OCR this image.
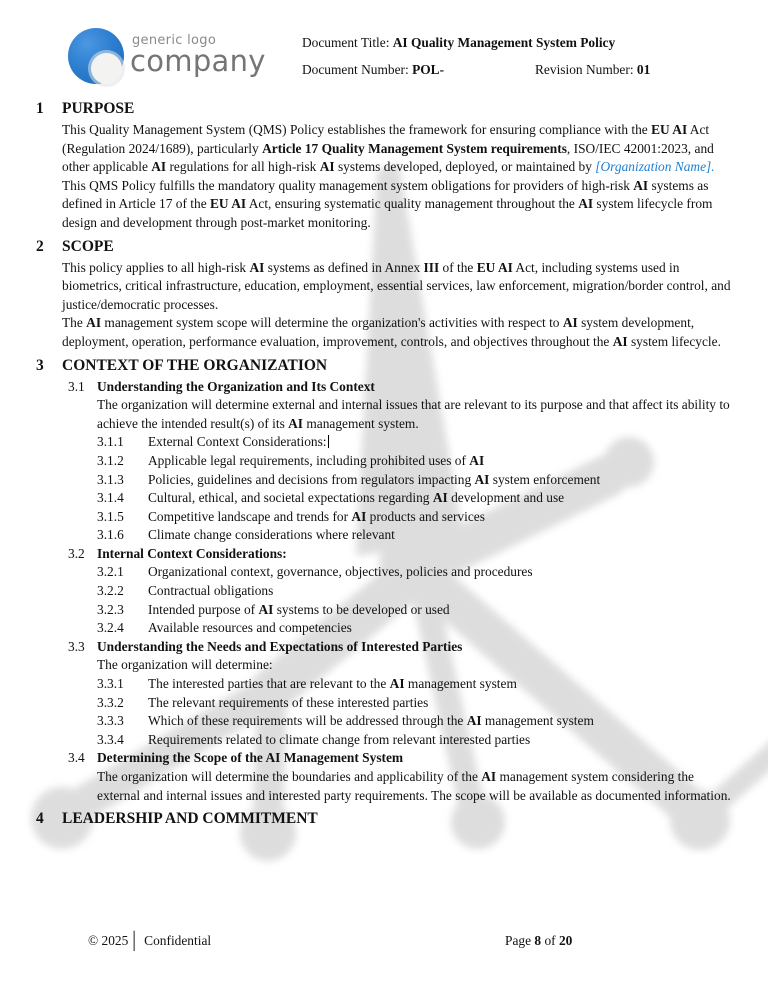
generic logo
company
Document Title: AI Quality Management System Policy
Document Number: POL-	Revision Number: 01
1	PURPOSE
This Quality Management System (QMS) Policy establishes the framework for ensuring compliance with the EU AI Act (Regulation 2024/1689), particularly Article 17 Quality Management System requirements, ISO/IEC 42001:2023, and other applicable AI regulations for all high-risk AI systems developed, deployed, or maintained by [Organization Name].
This QMS Policy fulfills the mandatory quality management system obligations for providers of high-risk AI systems as defined in Article 17 of the EU AI Act, ensuring systematic quality management throughout the AI system lifecycle from design and development through post-market monitoring.
2	SCOPE
This policy applies to all high-risk AI systems as defined in Annex III of the EU AI Act, including systems used in biometrics, critical infrastructure, education, employment, essential services, law enforcement, migration/border control, and justice/democratic processes.
The AI management system scope will determine the organization's activities with respect to AI system development, deployment, operation, performance evaluation, improvement, controls, and objectives throughout the AI system lifecycle.
3	CONTEXT OF THE ORGANIZATION
3.1 Understanding the Organization and Its Context
The organization will determine external and internal issues that are relevant to its purpose and that affect its ability to achieve the intended result(s) of its AI management system.
3.1.1	External Context Considerations:
3.1.2	Applicable legal requirements, including prohibited uses of AI
3.1.3	Policies, guidelines and decisions from regulators impacting AI system enforcement
3.1.4	Cultural, ethical, and societal expectations regarding AI development and use
3.1.5	Competitive landscape and trends for AI products and services
3.1.6	Climate change considerations where relevant
3.2 Internal Context Considerations:
3.2.1	Organizational context, governance, objectives, policies and procedures
3.2.2	Contractual obligations
3.2.3	Intended purpose of AI systems to be developed or used
3.2.4	Available resources and competencies
3.3 Understanding the Needs and Expectations of Interested Parties
The organization will determine:
3.3.1	The interested parties that are relevant to the AI management system
3.3.2	The relevant requirements of these interested parties
3.3.3	Which of these requirements will be addressed through the AI management system
3.3.4	Requirements related to climate change from relevant interested parties
3.4 Determining the Scope of the AI Management System
The organization will determine the boundaries and applicability of the AI management system considering the external and internal issues and interested party requirements. The scope will be available as documented information.
4	LEADERSHIP AND COMMITMENT
© 2025│ Confidential	Page 8 of 20
